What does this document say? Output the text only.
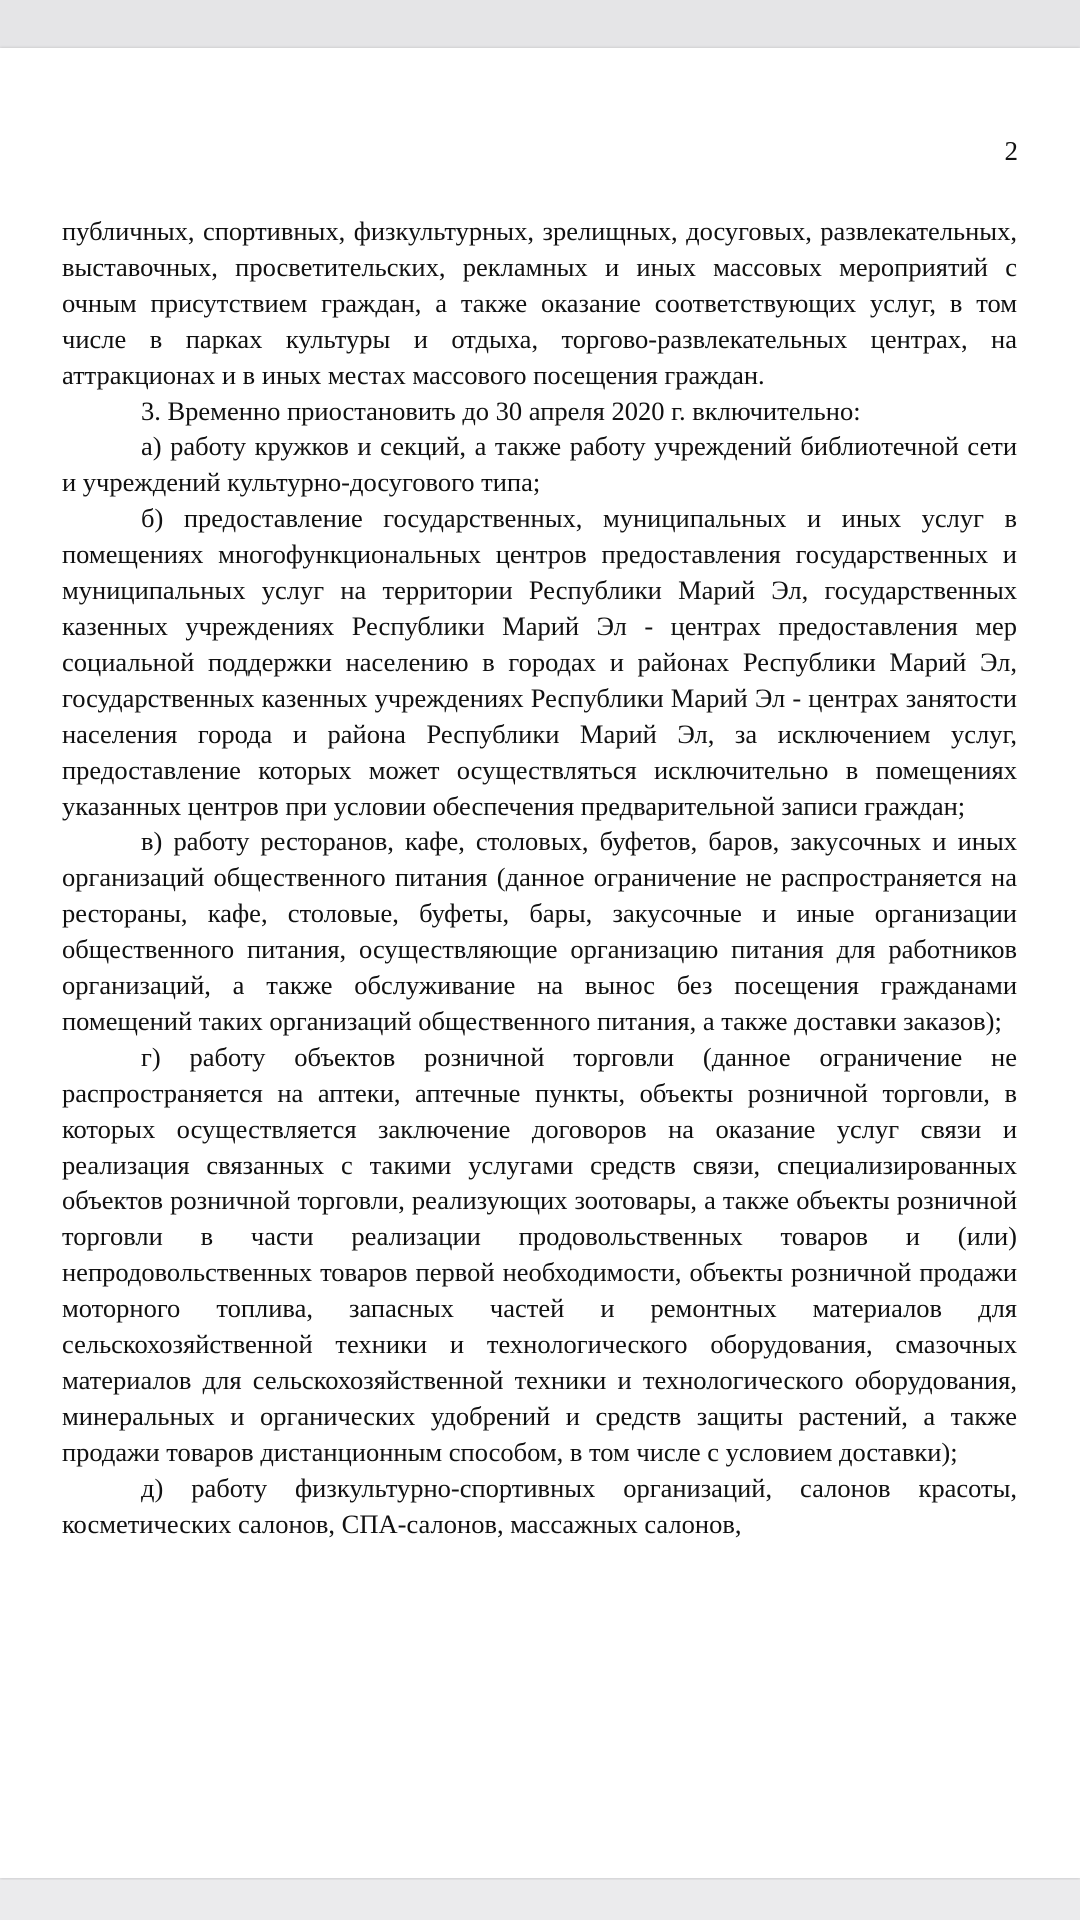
2

публичных, спортивных, физкультурных, зрелищных, досуговых, развлекательных, выставочных, просветительских, рекламных и иных массовых мероприятий с очным присутствием граждан, а также оказание соответствующих услуг, в том числе в парках культуры и отдыха, торгово-развлекательных центрах, на аттракционах и в иных местах массового посещения граждан.

3. Временно приостановить до 30 апреля 2020 г. включительно:

а) работу кружков и секций, а также работу учреждений библиотечной сети и учреждений культурно-досугового типа;

б) предоставление государственных, муниципальных и иных услуг в помещениях многофункциональных центров предоставления государственных и муниципальных услуг на территории Республики Марий Эл, государственных казенных учреждениях Республики Марий Эл - центрах предоставления мер социальной поддержки населению в городах и районах Республики Марий Эл, государственных казенных учреждениях Республики Марий Эл - центрах занятости населения города и района Республики Марий Эл, за исключением услуг, предоставление которых может осуществляться исключительно в помещениях указанных центров при условии обеспечения предварительной записи граждан;

в) работу ресторанов, кафе, столовых, буфетов, баров, закусочных и иных организаций общественного питания (данное ограничение не распространяется на рестораны, кафе, столовые, буфеты, бары, закусочные и иные организации общественного питания, осуществляющие организацию питания для работников организаций, а также обслуживание на вынос без посещения гражданами помещений таких организаций общественного питания, а также доставки заказов);

г) работу объектов розничной торговли (данное ограничение не распространяется на аптеки, аптечные пункты, объекты розничной торговли, в которых осуществляется заключение договоров на оказание услуг связи и реализация связанных с такими услугами средств связи, специализированных объектов розничной торговли, реализующих зоотовары, а также объекты розничной торговли в части реализации продовольственных товаров и (или) непродовольственных товаров первой необходимости, объекты розничной продажи моторного топлива, запасных частей и ремонтных материалов для сельскохозяйственной техники и технологического оборудования, смазочных материалов для сельскохозяйственной техники и технологического оборудования, минеральных и органических удобрений и средств защиты растений, а также продажи товаров дистанционным способом, в том числе с условием доставки);

д) работу физкультурно-спортивных организаций, салонов красоты, косметических салонов, СПА-салонов, массажных салонов,
